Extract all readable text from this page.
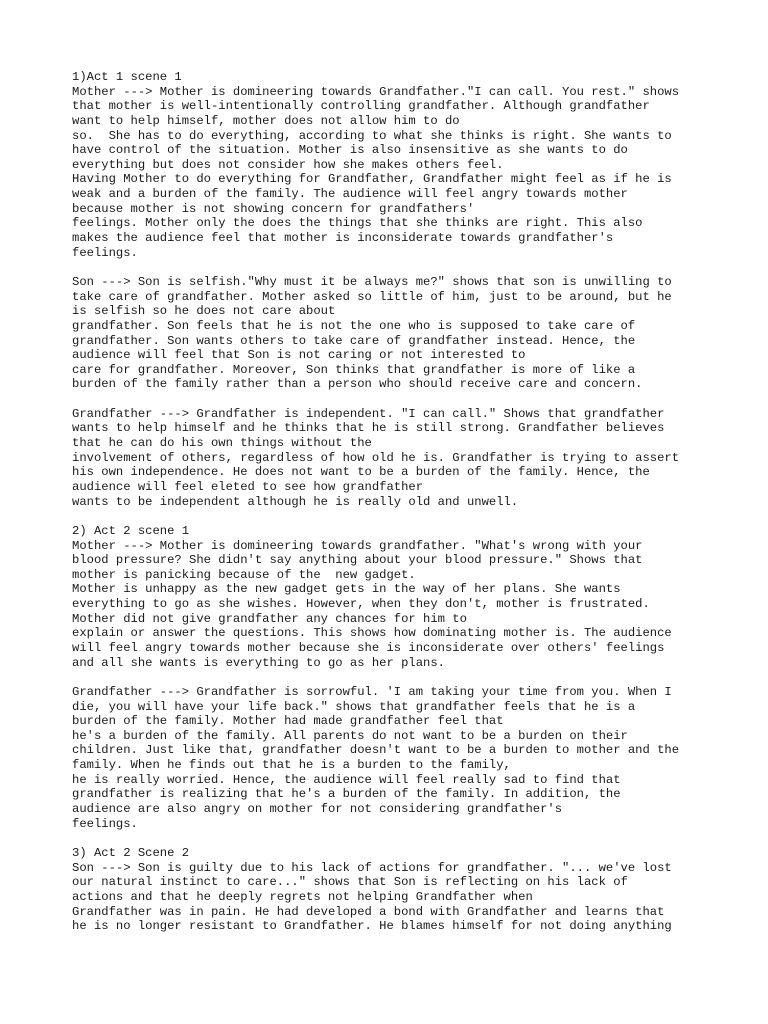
1)Act 1 scene 1
Mother ---> Mother is domineering towards Grandfather."I can call. You rest." shows
that mother is well-intentionally controlling grandfather. Although grandfather
want to help himself, mother does not allow him to do
so.  She has to do everything, according to what she thinks is right. She wants to
have control of the situation. Mother is also insensitive as she wants to do
everything but does not consider how she makes others feel.
Having Mother to do everything for Grandfather, Grandfather might feel as if he is
weak and a burden of the family. The audience will feel angry towards mother
because mother is not showing concern for grandfathers'
feelings. Mother only the does the things that she thinks are right. This also
makes the audience feel that mother is inconsiderate towards grandfather's
feelings.
Son ---> Son is selfish."Why must it be always me?" shows that son is unwilling to
take care of grandfather. Mother asked so little of him, just to be around, but he
is selfish so he does not care about
grandfather. Son feels that he is not the one who is supposed to take care of
grandfather. Son wants others to take care of grandfather instead. Hence, the
audience will feel that Son is not caring or not interested to
care for grandfather. Moreover, Son thinks that grandfather is more of like a
burden of the family rather than a person who should receive care and concern.
Grandfather ---> Grandfather is independent. "I can call." Shows that grandfather
wants to help himself and he thinks that he is still strong. Grandfather believes
that he can do his own things without the
involvement of others, regardless of how old he is. Grandfather is trying to assert
his own independence. He does not want to be a burden of the family. Hence, the
audience will feel eleted to see how grandfather
wants to be independent although he is really old and unwell.
2) Act 2 scene 1
Mother ---> Mother is domineering towards grandfather. "What's wrong with your
blood pressure? She didn't say anything about your blood pressure." Shows that
mother is panicking because of the  new gadget.
Mother is unhappy as the new gadget gets in the way of her plans. She wants
everything to go as she wishes. However, when they don't, mother is frustrated.
Mother did not give grandfather any chances for him to
explain or answer the questions. This shows how dominating mother is. The audience
will feel angry towards mother because she is inconsiderate over others' feelings
and all she wants is everything to go as her plans.
Grandfather ---> Grandfather is sorrowful. 'I am taking your time from you. When I
die, you will have your life back." shows that grandfather feels that he is a
burden of the family. Mother had made grandfather feel that
he's a burden of the family. All parents do not want to be a burden on their
children. Just like that, grandfather doesn't want to be a burden to mother and the
family. When he finds out that he is a burden to the family,
he is really worried. Hence, the audience will feel really sad to find that
grandfather is realizing that he's a burden of the family. In addition, the
audience are also angry on mother for not considering grandfather's
feelings.
3) Act 2 Scene 2
Son ---> Son is guilty due to his lack of actions for grandfather. "... we've lost
our natural instinct to care..." shows that Son is reflecting on his lack of
actions and that he deeply regrets not helping Grandfather when
Grandfather was in pain. He had developed a bond with Grandfather and learns that
he is no longer resistant to Grandfather. He blames himself for not doing anything
